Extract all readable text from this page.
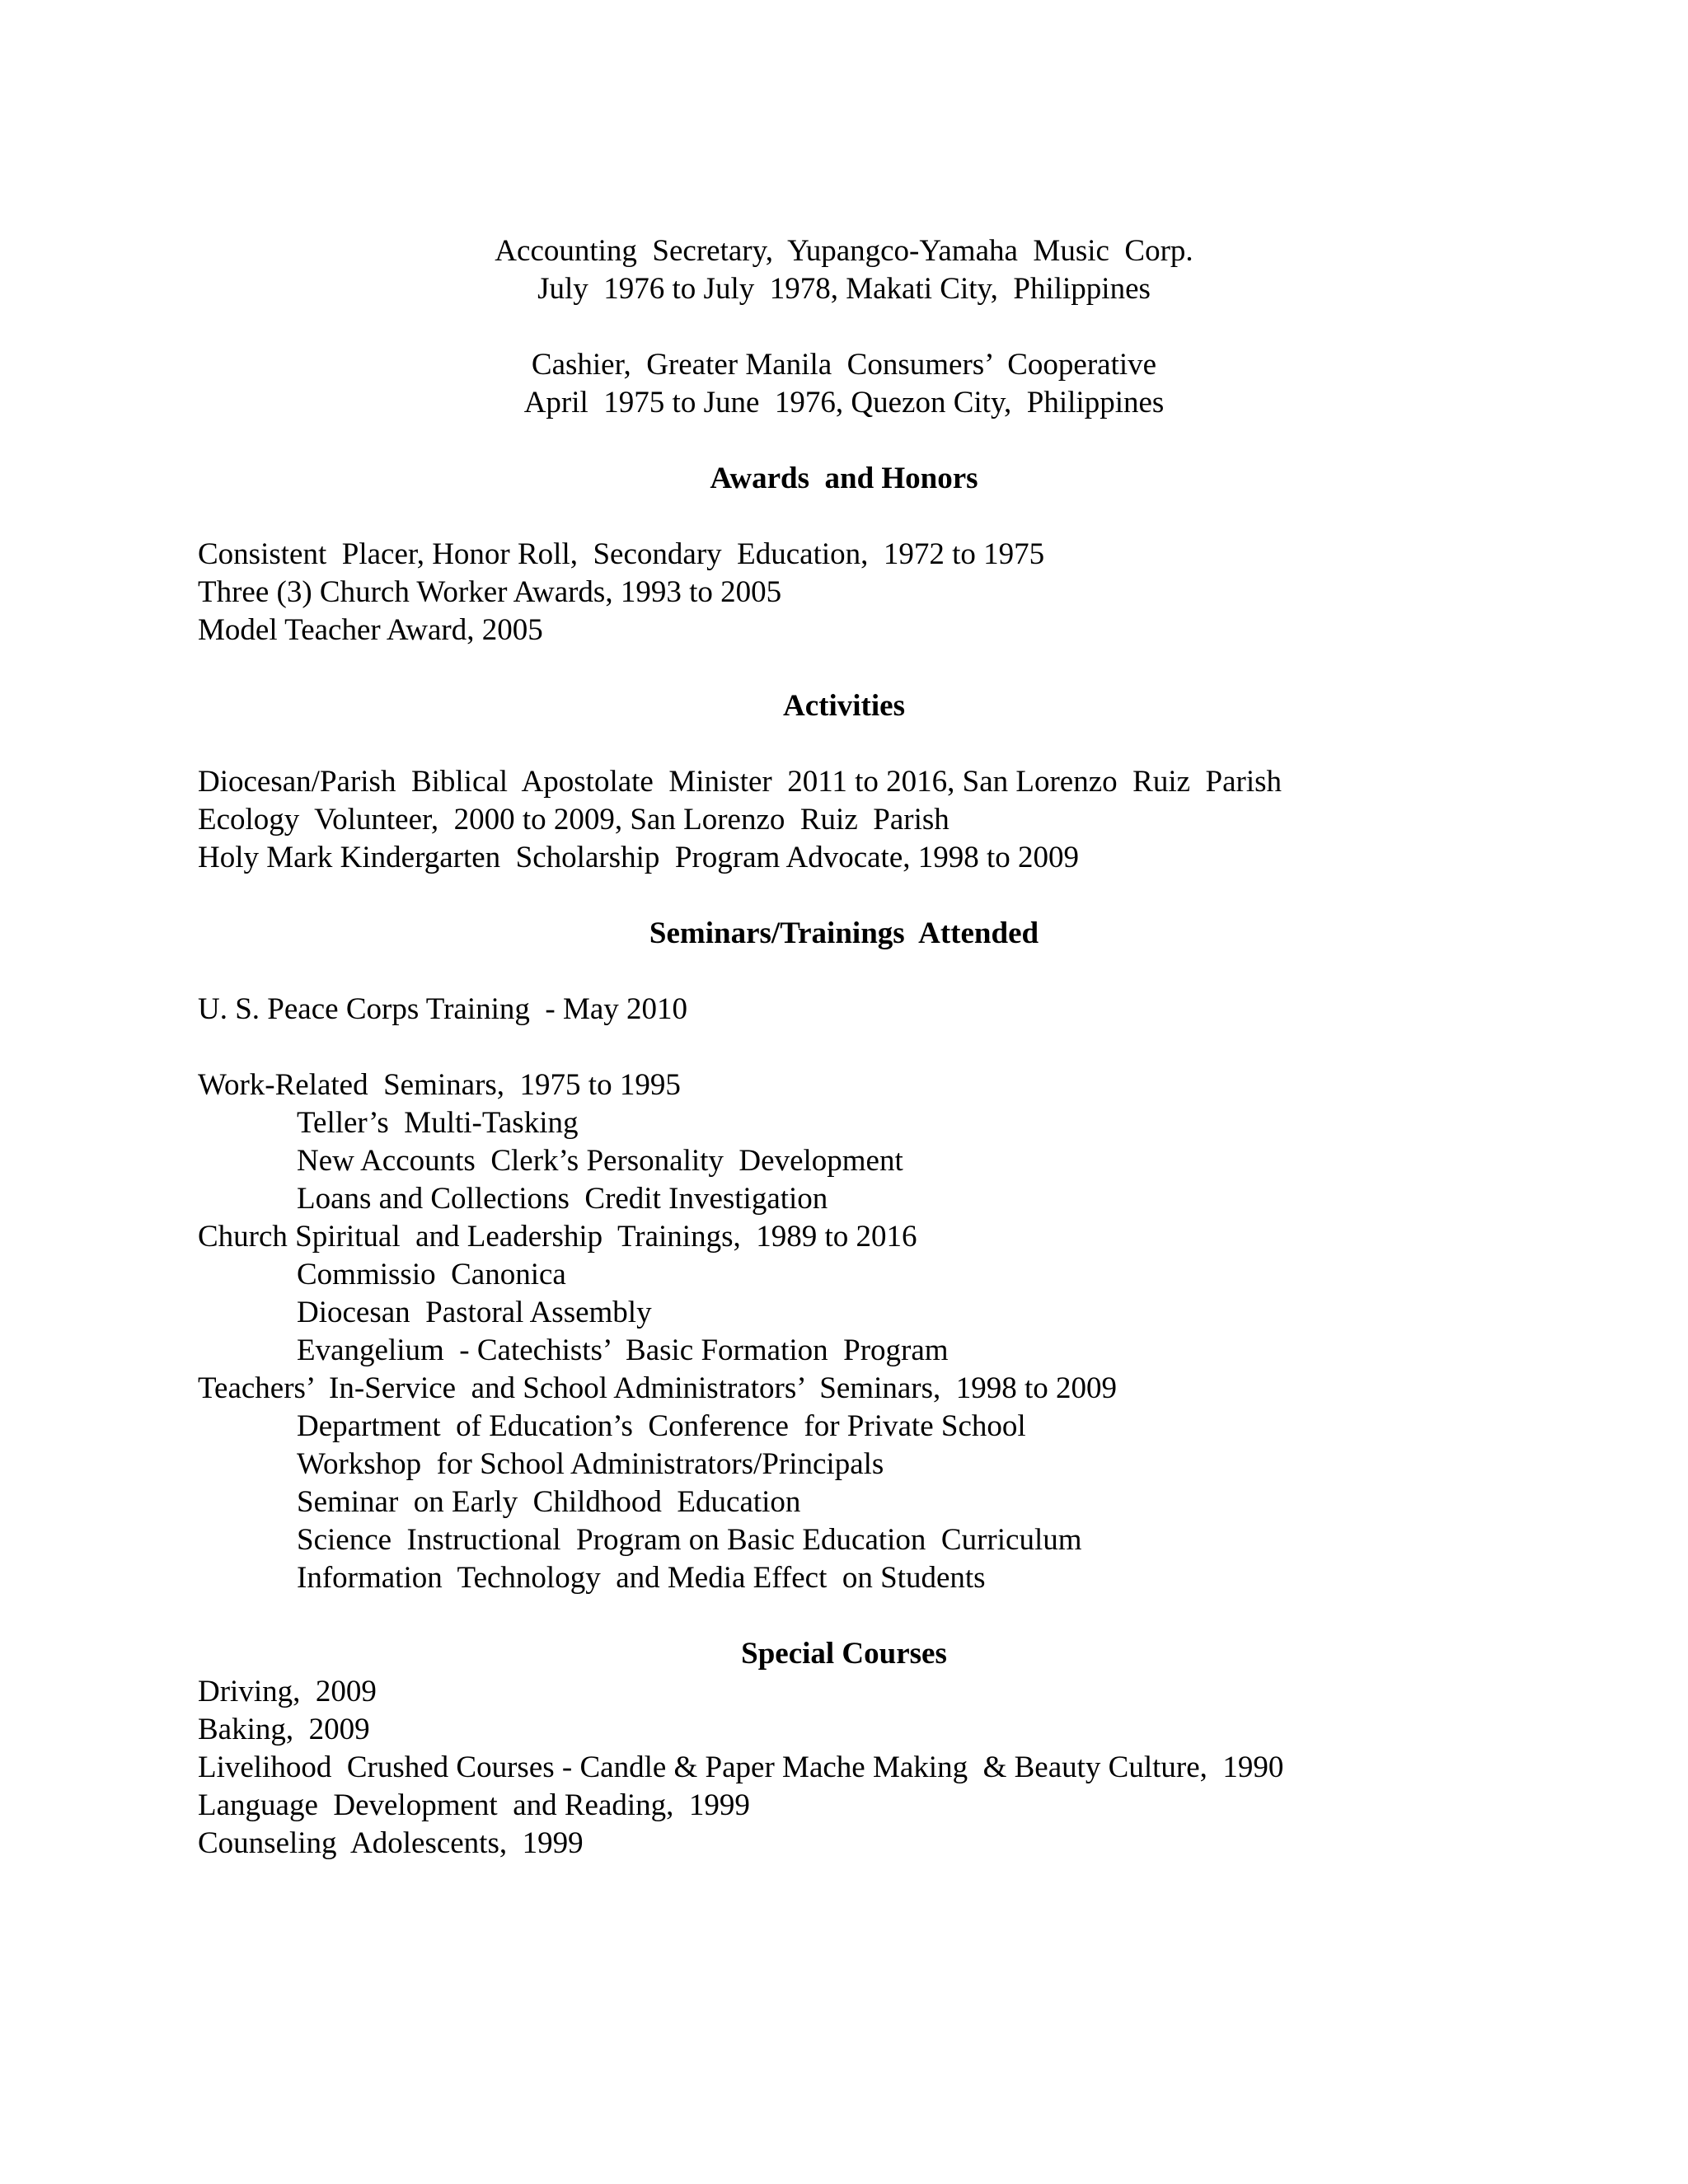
Accounting  Secretary,  Yupangco-Yamaha  Music  Corp.
July  1976 to July  1978, Makati City,  Philippines
Cashier,  Greater Manila  Consumers’  Cooperative
April  1975 to June  1976, Quezon City,  Philippines
Awards  and Honors
Consistent  Placer, Honor Roll,  Secondary  Education,  1972 to 1975
Three (3) Church Worker Awards, 1993 to 2005
Model Teacher Award, 2005
Activities
Diocesan/Parish  Biblical  Apostolate  Minister  2011 to 2016, San Lorenzo  Ruiz  Parish
Ecology  Volunteer,  2000 to 2009, San Lorenzo  Ruiz  Parish
Holy Mark Kindergarten  Scholarship  Program Advocate, 1998 to 2009
Seminars/Trainings  Attended
U. S. Peace Corps Training  - May 2010
Work-Related  Seminars,  1975 to 1995
Teller’s  Multi-Tasking
New Accounts  Clerk’s Personality  Development
Loans and Collections  Credit Investigation
Church Spiritual  and Leadership  Trainings,  1989 to 2016
Commissio  Canonica
Diocesan  Pastoral Assembly
Evangelium  - Catechists’  Basic Formation  Program
Teachers’  In-Service  and School Administrators’  Seminars,  1998 to 2009
Department  of Education’s  Conference  for Private School
Workshop  for School Administrators/Principals
Seminar  on Early  Childhood  Education
Science  Instructional  Program on Basic Education  Curriculum
Information  Technology  and Media Effect  on Students
Special Courses
Driving,  2009
Baking,  2009
Livelihood  Crushed Courses - Candle & Paper Mache Making  & Beauty Culture,  1990
Language  Development  and Reading,  1999
Counseling  Adolescents,  1999
